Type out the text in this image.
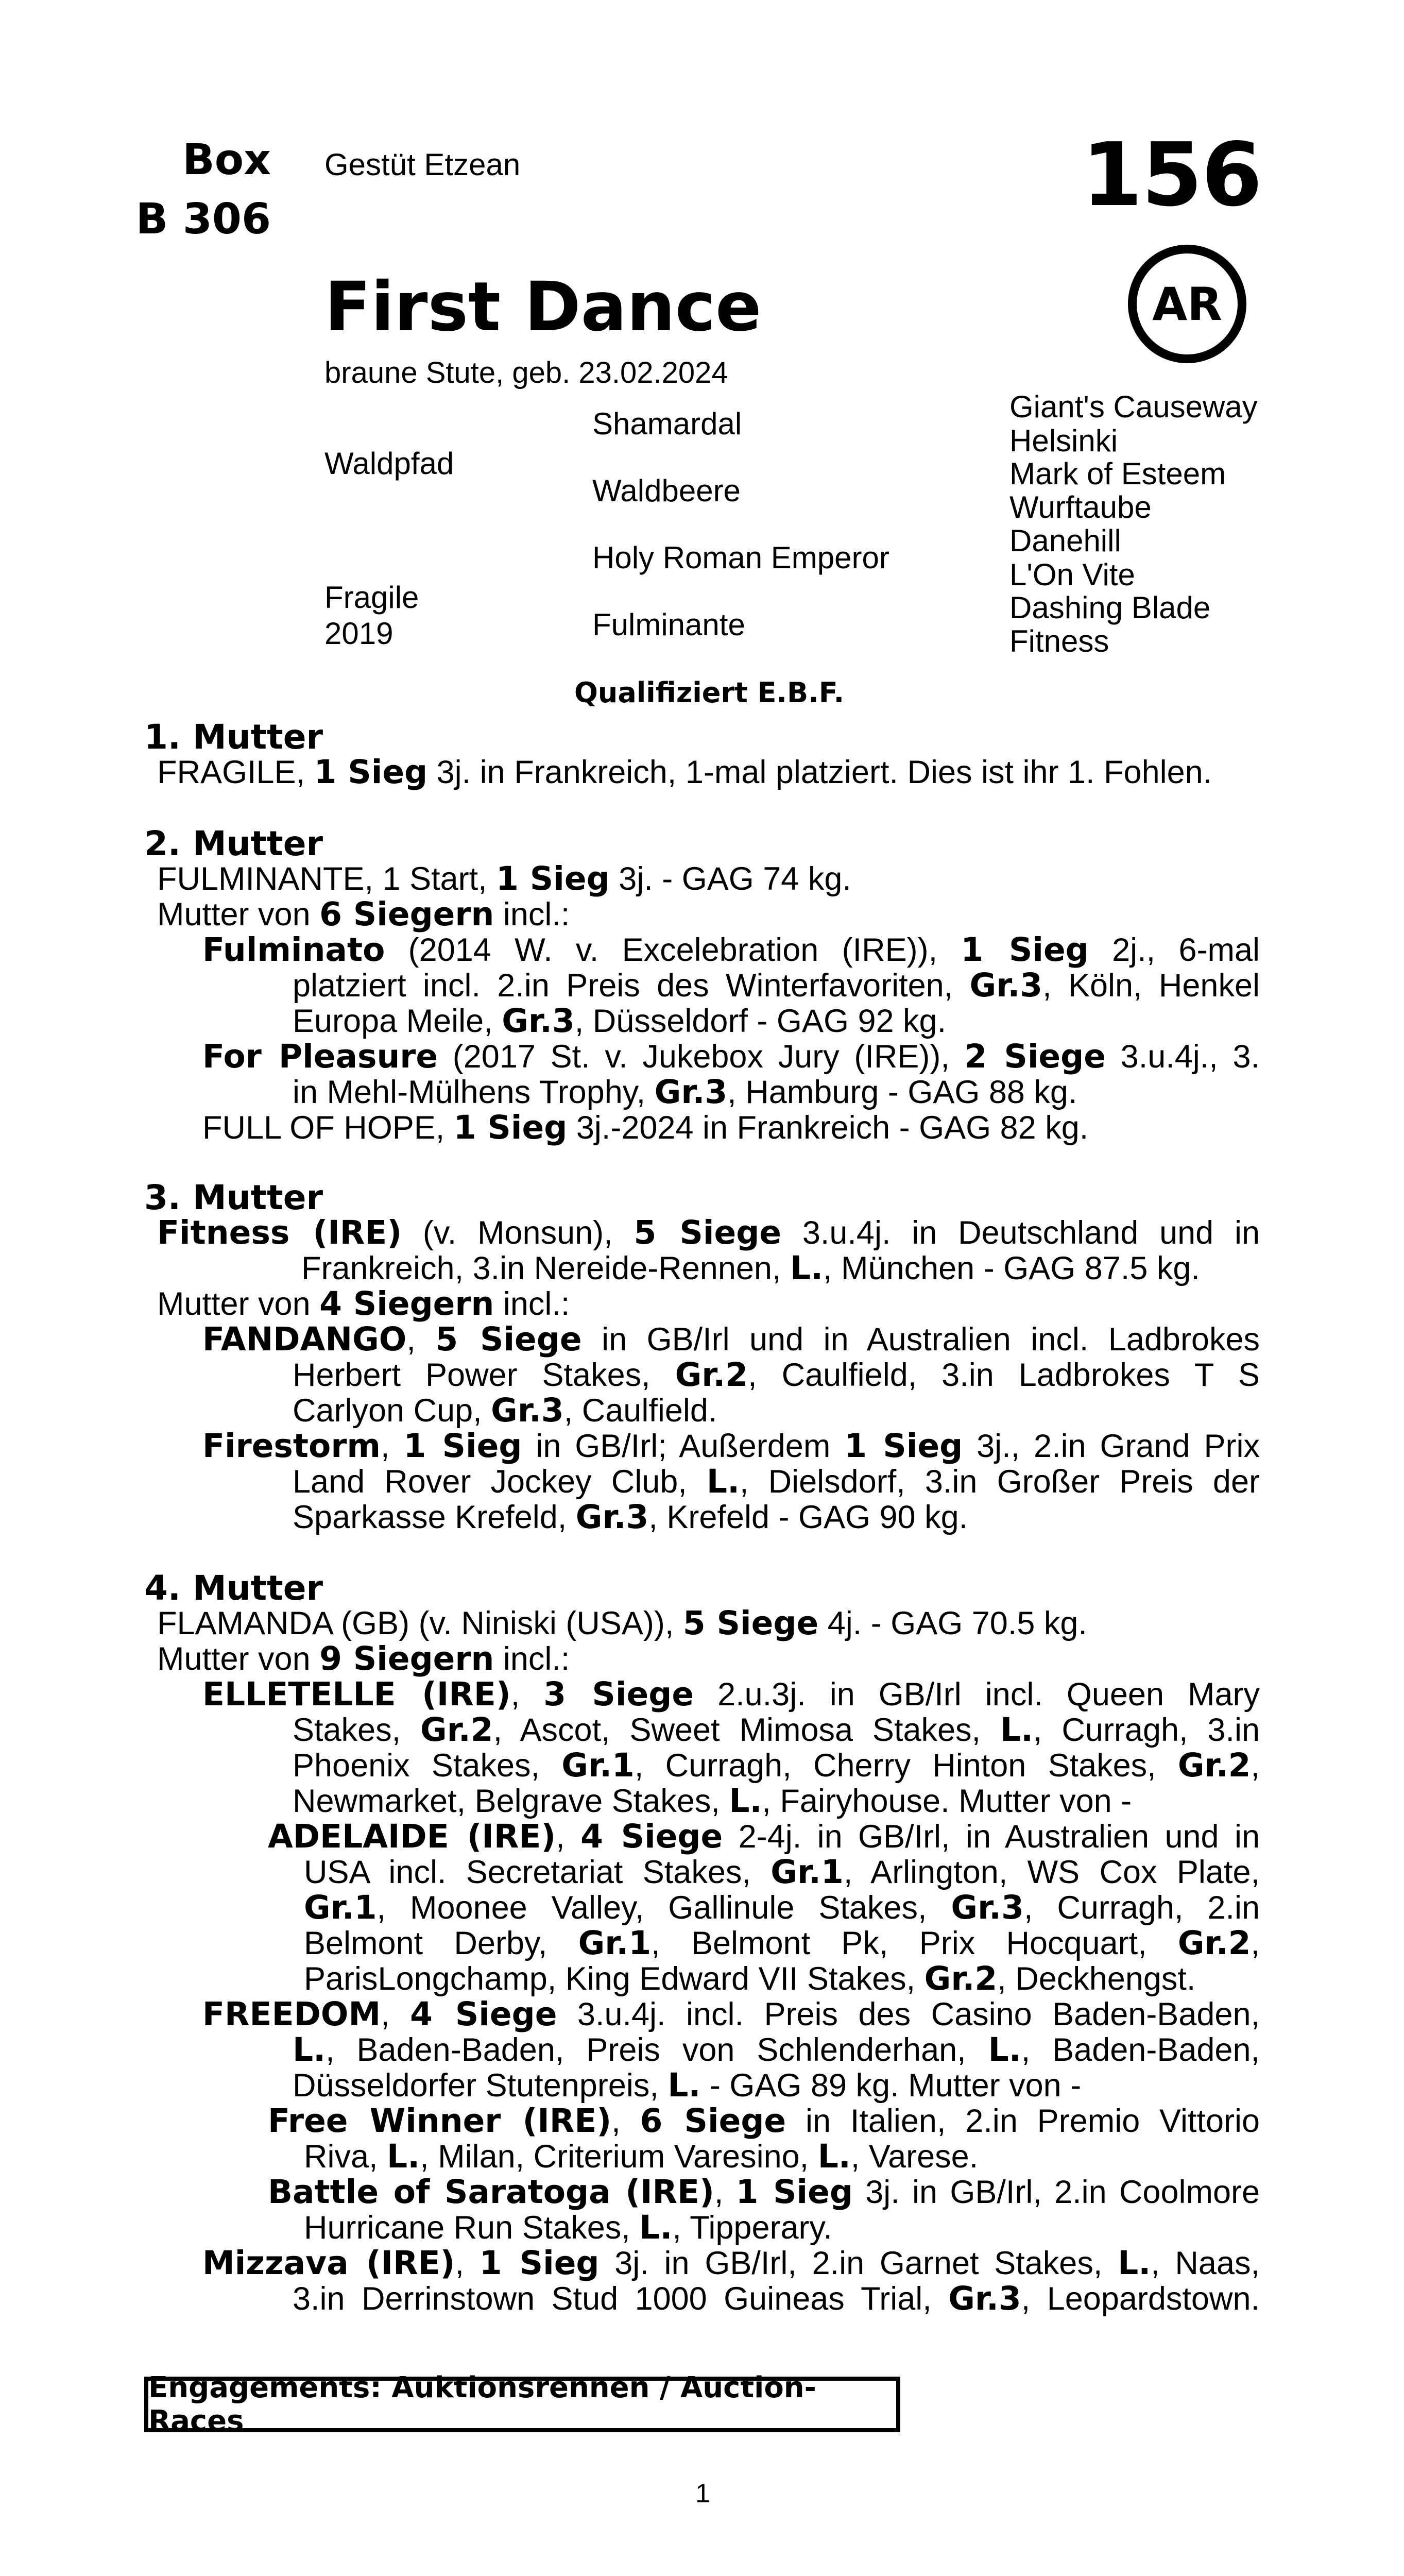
Box
B 306
Gestüt Etzean	156
AR
First Dance
braune Stute, geb. 23.02.2024
Waldpfad
Fragile
2019
Shamardal
Waldbeere
Holy Roman Emperor
Fulminante
Giant's Causeway
Helsinki
Mark of Esteem
Wurftaube
Danehill
L'On Vite
Dashing Blade
Fitness
Qualifiziert E.B.F.
1. Mutter
FRAGILE, 1 Sieg 3j. in Frankreich, 1-mal platziert. Dies ist ihr 1. Fohlen.
2. Mutter
FULMINANTE, 1 Start, 1 Sieg 3j. - GAG 74 kg.
Mutter von 6 Siegern incl.:
Fulminato (2014 W. v. Excelebration (IRE)), 1 Sieg 2j., 6-mal
platziert incl. 2.in Preis des Winterfavoriten, Gr.3, Köln, Henkel
Europa Meile, Gr.3, Düsseldorf - GAG 92 kg.
For Pleasure (2017 St. v. Jukebox Jury (IRE)), 2 Siege 3.u.4j., 3.
in Mehl-Mülhens Trophy, Gr.3, Hamburg - GAG 88 kg.
FULL OF HOPE, 1 Sieg 3j.-2024 in Frankreich - GAG 82 kg.
3. Mutter
Fitness (IRE) (v. Monsun), 5 Siege 3.u.4j. in Deutschland und in
Frankreich, 3.in Nereide-Rennen, L., München - GAG 87.5 kg.
Mutter von 4 Siegern incl.:
FANDANGO, 5 Siege in GB/Irl und in Australien incl. Ladbrokes
Herbert Power Stakes, Gr.2, Caulfield, 3.in Ladbrokes T S
Carlyon Cup, Gr.3, Caulfield.
Firestorm, 1 Sieg in GB/Irl; Außerdem 1 Sieg 3j., 2.in Grand Prix
Land Rover Jockey Club, L., Dielsdorf, 3.in Großer Preis der
Sparkasse Krefeld, Gr.3, Krefeld - GAG 90 kg.
4. Mutter
FLAMANDA (GB) (v. Niniski (USA)), 5 Siege 4j. - GAG 70.5 kg.
Mutter von 9 Siegern incl.:
ELLETELLE (IRE), 3 Siege 2.u.3j. in GB/Irl incl. Queen Mary
Stakes, Gr.2, Ascot, Sweet Mimosa Stakes, L., Curragh, 3.in
Phoenix Stakes, Gr.1, Curragh, Cherry Hinton Stakes, Gr.2,
Newmarket, Belgrave Stakes, L., Fairyhouse. Mutter von -
ADELAIDE (IRE), 4 Siege 2-4j. in GB/Irl, in Australien und in
USA incl. Secretariat Stakes, Gr.1, Arlington, WS Cox Plate,
Gr.1, Moonee Valley, Gallinule Stakes, Gr.3, Curragh, 2.in
Belmont Derby, Gr.1, Belmont Pk, Prix Hocquart, Gr.2,
ParisLongchamp, King Edward VII Stakes, Gr.2, Deckhengst.
FREEDOM, 4 Siege 3.u.4j. incl. Preis des Casino Baden-Baden,
L., Baden-Baden, Preis von Schlenderhan, L., Baden-Baden,
Düsseldorfer Stutenpreis, L. - GAG 89 kg. Mutter von -
Free Winner (IRE), 6 Siege in Italien, 2.in Premio Vittorio
Riva, L., Milan, Criterium Varesino, L., Varese.
Battle of Saratoga (IRE), 1 Sieg 3j. in GB/Irl, 2.in Coolmore
Hurricane Run Stakes, L., Tipperary.
Mizzava (IRE), 1 Sieg 3j. in GB/Irl, 2.in Garnet Stakes, L., Naas,
3.in Derrinstown Stud 1000 Guineas Trial, Gr.3, Leopardstown.
Engagements: Auktionsrennen / Auction-Races
1
